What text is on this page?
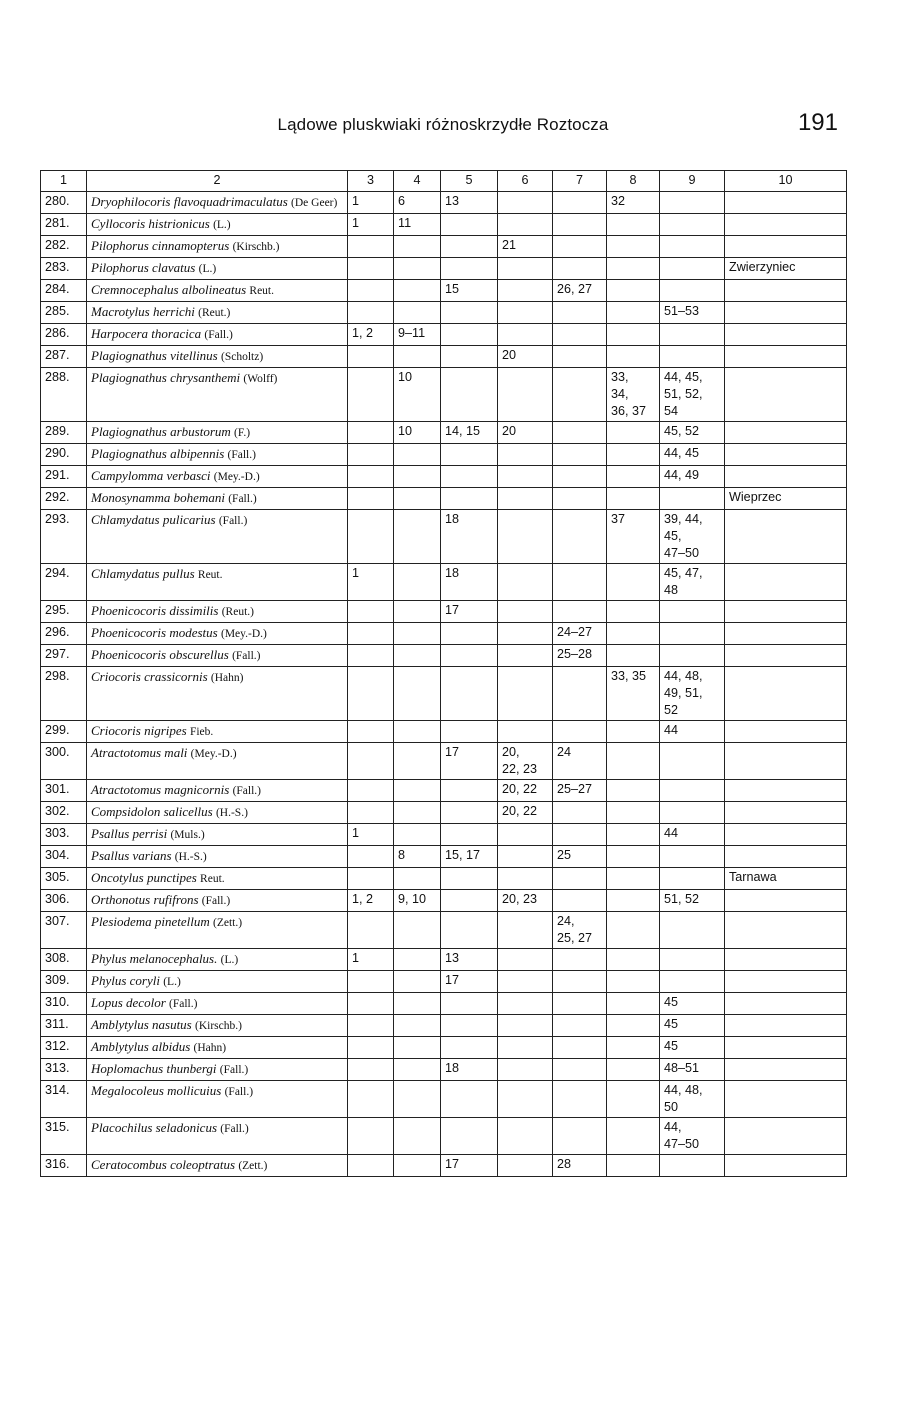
Lądowe pluskwiaki różnoskrzydłe Roztocza	191
1	2	3	4	5	6	7	8	9	10
280.	Dryophilocoris flavoquadrimaculatus (De Geer)	1	6	13			32		
281.	Cyllocoris histrionicus (L.)	1	11						
282.	Pilophorus cinnamopterus (Kirschb.)				21				
283.	Pilophorus clavatus (L.)								Zwierzyniec
284.	Cremnocephalus albolineatus Reut.			15		26, 27			
285.	Macrotylus herrichi (Reut.)							51–53	
286.	Harpocera thoracica (Fall.)	1, 2	9–11						
287.	Plagiognathus vitellinus (Scholtz)				20				
288.	Plagiognathus chrysanthemi (Wolff)		10				33,
34,
36, 37	44, 45,
51, 52,
54	
289.	Plagiognathus arbustorum (F.)		10	14, 15	20			45, 52	
290.	Plagiognathus albipennis (Fall.)							44, 45	
291.	Campylomma verbasci (Mey.-D.)							44, 49	
292.	Monosynamma bohemani (Fall.)								Wieprzec
293.	Chlamydatus pulicarius (Fall.)			18			37	39, 44,
45,
47–50	
294.	Chlamydatus pullus Reut.	1		18				45, 47,
48	
295.	Phoenicocoris dissimilis (Reut.)			17					
296.	Phoenicocoris modestus (Mey.-D.)					24–27			
297.	Phoenicocoris obscurellus (Fall.)					25–28			
298.	Criocoris crassicornis (Hahn)						33, 35	44, 48,
49, 51,
52	
299.	Criocoris nigripes Fieb.							44	
300.	Atractotomus mali (Mey.-D.)			17	20,
22, 23	24			
301.	Atractotomus magnicornis (Fall.)				20, 22	25–27			
302.	Compsidolon salicellus (H.-S.)				20, 22				
303.	Psallus perrisi (Muls.)	1						44	
304.	Psallus varians (H.-S.)		8	15, 17		25			
305.	Oncotylus punctipes Reut.								Tarnawa
306.	Orthonotus rufifrons (Fall.)	1, 2	9, 10		20, 23			51, 52	
307.	Plesiodema pinetellum (Zett.)					24,
25, 27			
308.	Phylus melanocephalus. (L.)	1		13					
309.	Phylus coryli (L.)			17					
310.	Lopus decolor (Fall.)							45	
311.	Amblytylus nasutus (Kirschb.)							45	
312.	Amblytylus albidus (Hahn)							45	
313.	Hoplomachus thunbergi (Fall.)			18				48–51	
314.	Megalocoleus mollicuius (Fall.)							44, 48,
50	
315.	Placochilus seladonicus (Fall.)							44,
47–50	
316.	Ceratocombus coleoptratus (Zett.)			17		28			
